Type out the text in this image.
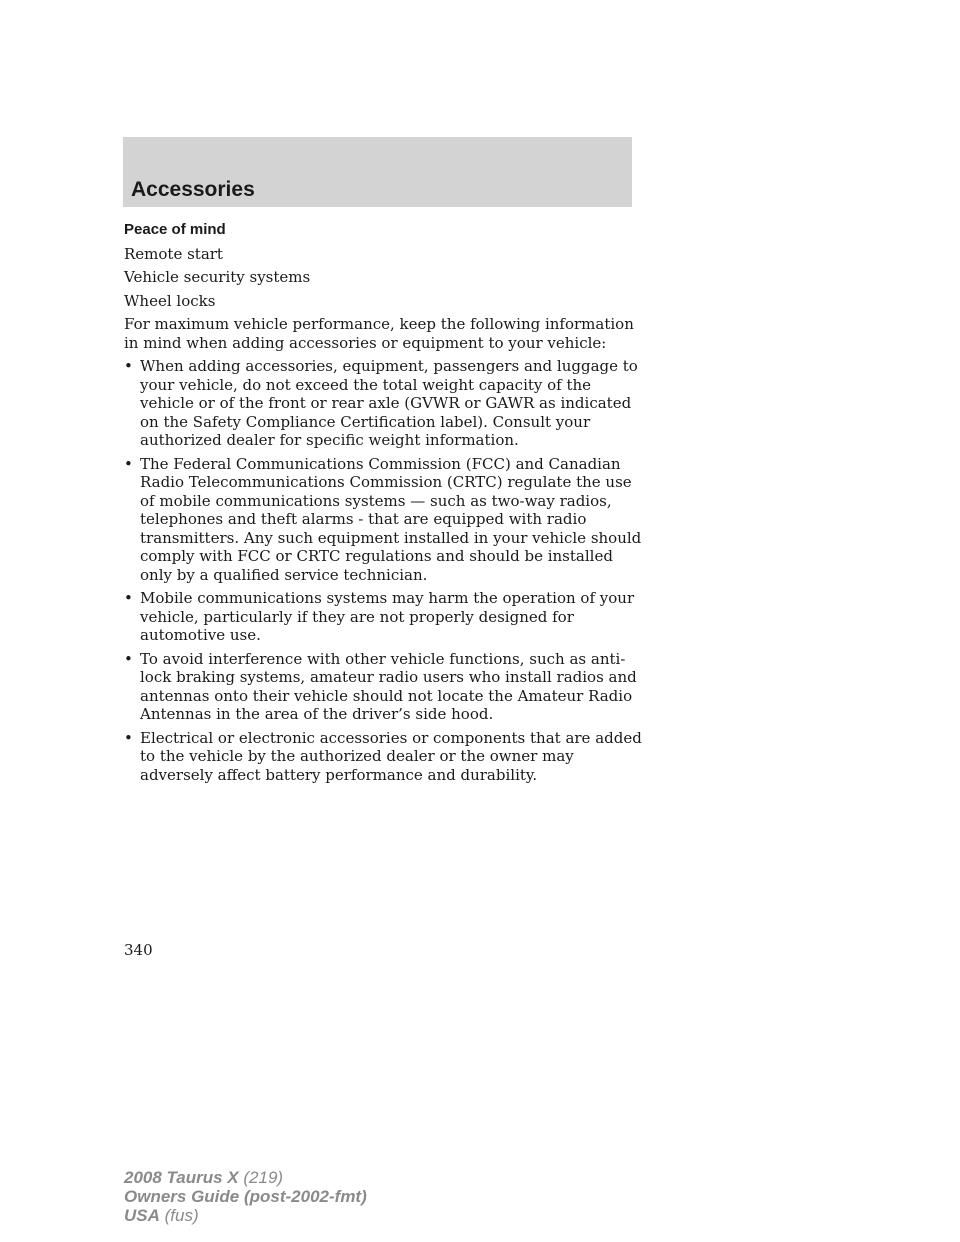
Accessories
Peace of mind

Remote start

Vehicle security systems

Wheel locks

For maximum vehicle performance, keep the following information in mind when adding accessories or equipment to your vehicle:

• When adding accessories, equipment, passengers and luggage to your vehicle, do not exceed the total weight capacity of the vehicle or of the front or rear axle (GVWR or GAWR as indicated on the Safety Compliance Certification label). Consult your authorized dealer for specific weight information.
• The Federal Communications Commission (FCC) and Canadian Radio Telecommunications Commission (CRTC) regulate the use of mobile communications systems — such as two-way radios, telephones and theft alarms - that are equipped with radio transmitters. Any such equipment installed in your vehicle should comply with FCC or CRTC regulations and should be installed only by a qualified service technician.
• Mobile communications systems may harm the operation of your vehicle, particularly if they are not properly designed for automotive use.
• To avoid interference with other vehicle functions, such as anti-lock braking systems, amateur radio users who install radios and antennas onto their vehicle should not locate the Amateur Radio Antennas in the area of the driver’s side hood.
• Electrical or electronic accessories or components that are added to the vehicle by the authorized dealer or the owner may adversely affect battery performance and durability.
340
2008 Taurus X (219)
Owners Guide (post-2002-fmt)
USA (fus)
